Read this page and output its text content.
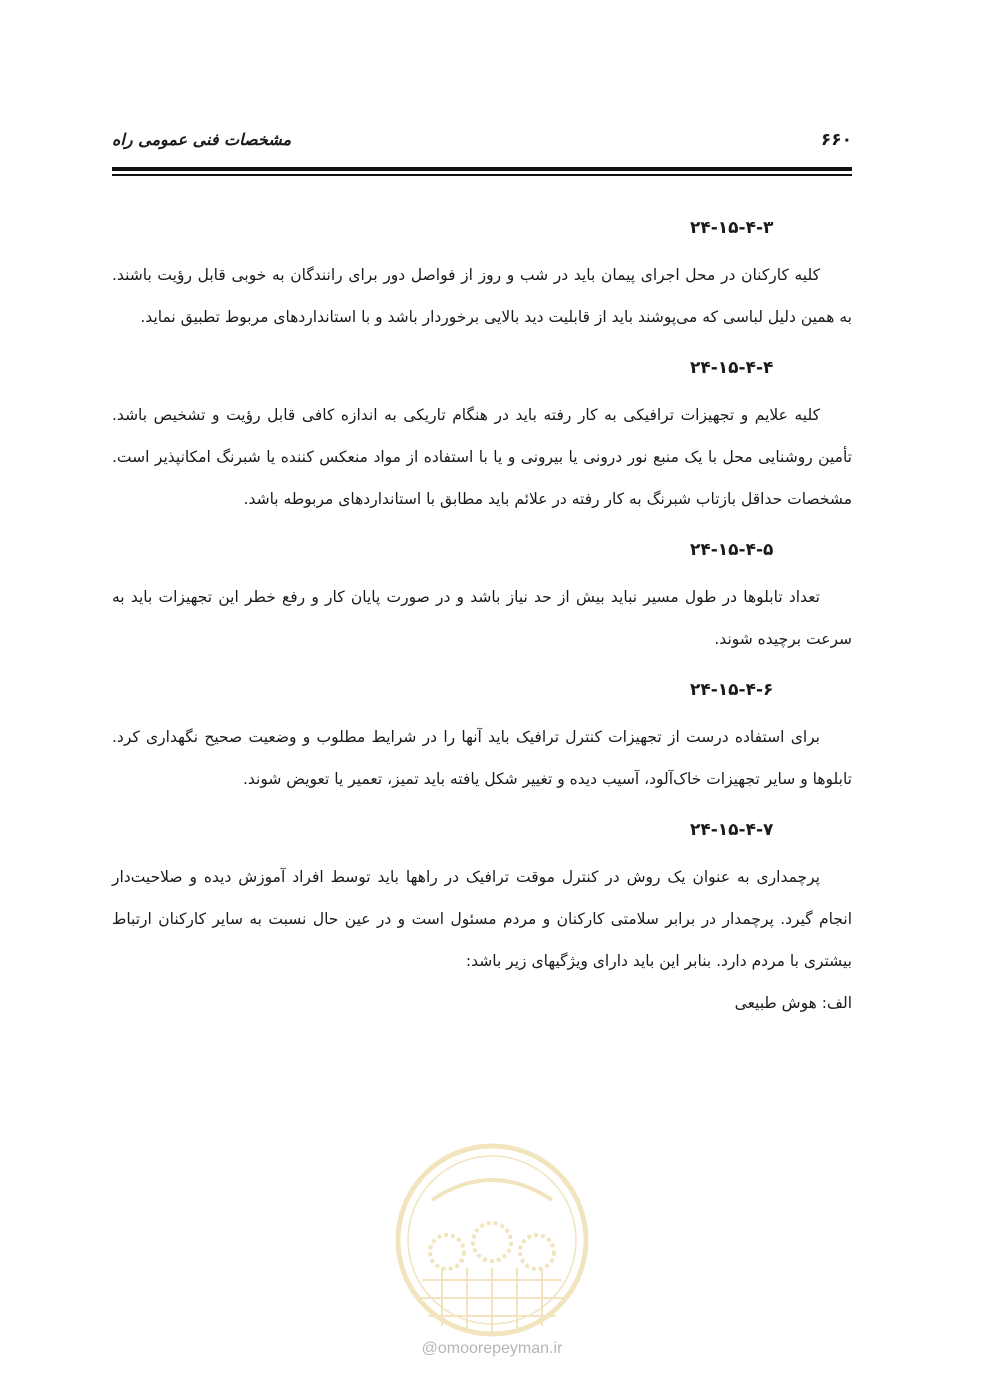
۶۶۰
مشخصات فنی عمومی راه
۲۴-۱۵-۴-۳

کلیه کارکنان در محل اجرای پیمان باید در شب و روز از فواصل دور برای رانندگان به خوبی قابل رؤیت باشند. به همین دلیل لباسی که می‌پوشند باید از قابلیت دید بالایی برخوردار باشد و با استانداردهای مربوط تطبیق نماید.

۲۴-۱۵-۴-۴

کلیه علایم و تجهیزات ترافیکی به کار رفته باید در هنگام تاریکی به اندازه کافی قابل رؤیت و تشخیص باشد. تأمین روشنایی محل با یک منبع نور درونی یا بیرونی و یا با استفاده از مواد منعکس کننده یا شبرنگ امکانپذیر است. مشخصات حداقل بازتاب شبرنگ به کار رفته در علائم باید مطابق با استانداردهای مربوطه باشد.

۲۴-۱۵-۴-۵

تعداد تابلوها در طول مسیر نباید بیش از حد نیاز باشد و در صورت پایان کار و رفع خطر این تجهیزات باید به سرعت برچیده شوند.

۲۴-۱۵-۴-۶

برای استفاده درست از تجهیزات کنترل ترافیک باید آنها را در شرایط مطلوب و وضعیت صحیح نگهداری کرد. تابلوها و سایر تجهیزات خاک‌آلود، آسیب دیده و تغییر شکل یافته باید تمیز، تعمیر یا تعویض شوند.

۲۴-۱۵-۴-۷

پرچمداری به عنوان یک روش در کنترل موقت ترافیک در راهها باید توسط افراد آموزش دیده و صلاحیت‌دار انجام گیرد. پرچمدار در برابر سلامتی کارکنان و مردم مسئول است و در عین حال نسبت به سایر کارکنان ارتباط بیشتری با مردم دارد. بنابر این باید دارای ویژگیهای زیر باشد:

الف: هوش طبیعی

@omoorepeyman.ir
